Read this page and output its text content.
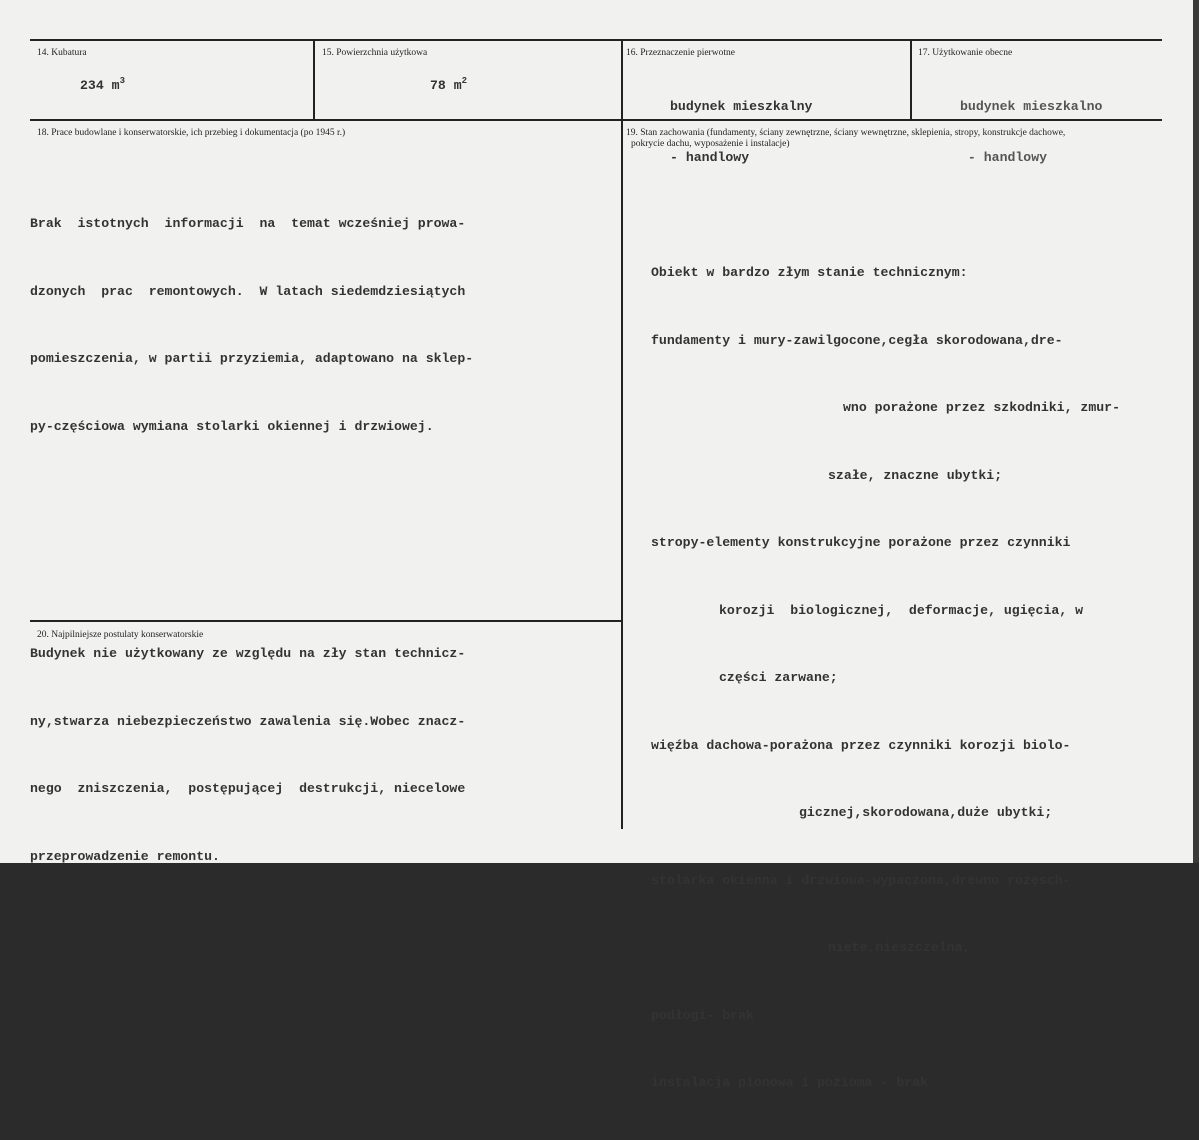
14. Kubatura
234 $m^3$
15. Powierzchnia użytkowa
78 $m^2$
16. Przeznaczenie pierwotne

budynek mieszkalny

- handlowy

17. Użytkowanie obecne

budynek mieszkalno

- handlowy

18. Prace budowlane i konserwatorskie, ich przebieg i dokumentacja (po 1945 r.)

Brak  istotnych  informacji  na  temat wcześniej prowa-

dzonych  prac  remontowych.  W latach siedemdziesiątych

pomieszczenia, w partii przyziemia, adaptowano na sklep-

py-częściowa wymiana stolarki okiennej i drzwiowej.

19. Stan zachowania (fundamenty, ściany zewnętrzne, ściany wewnętrzne, sklepienia, stropy, konstrukcje dachowe,
pokrycie dachu, wyposażenie i instalacje)

Obiekt w bardzo złym stanie technicznym:

fundamenty i mury-zawilgocone,cegła skorodowana,dre-

wno porażone przez szkodniki, zmur-

szałe, znaczne ubytki;

stropy-elementy konstrukcyjne porażone przez czynniki

korozji  biologicznej,  deformacje, ugięcia, w

części zarwane;

więźba dachowa-porażona przez czynniki korozji biolo-

gicznej,skorodowana,duże ubytki;

stolarka okienna i drzwiowa-wypaczona,drewno rozęsch-

nięte,nieszczelna,

podłogi- brak

instalacja pionowa i pozioma - brak

20. Najpilniejsze postulaty konserwatorskie

Budynek nie użytkowany ze względu na zły stan technicz-

ny,stwarza niebezpieczeństwo zawalenia się.Wobec znacz-

nego  zniszczenia,  postępującej  destrukcji, niecelowe

przeprowadzenie remontu.
